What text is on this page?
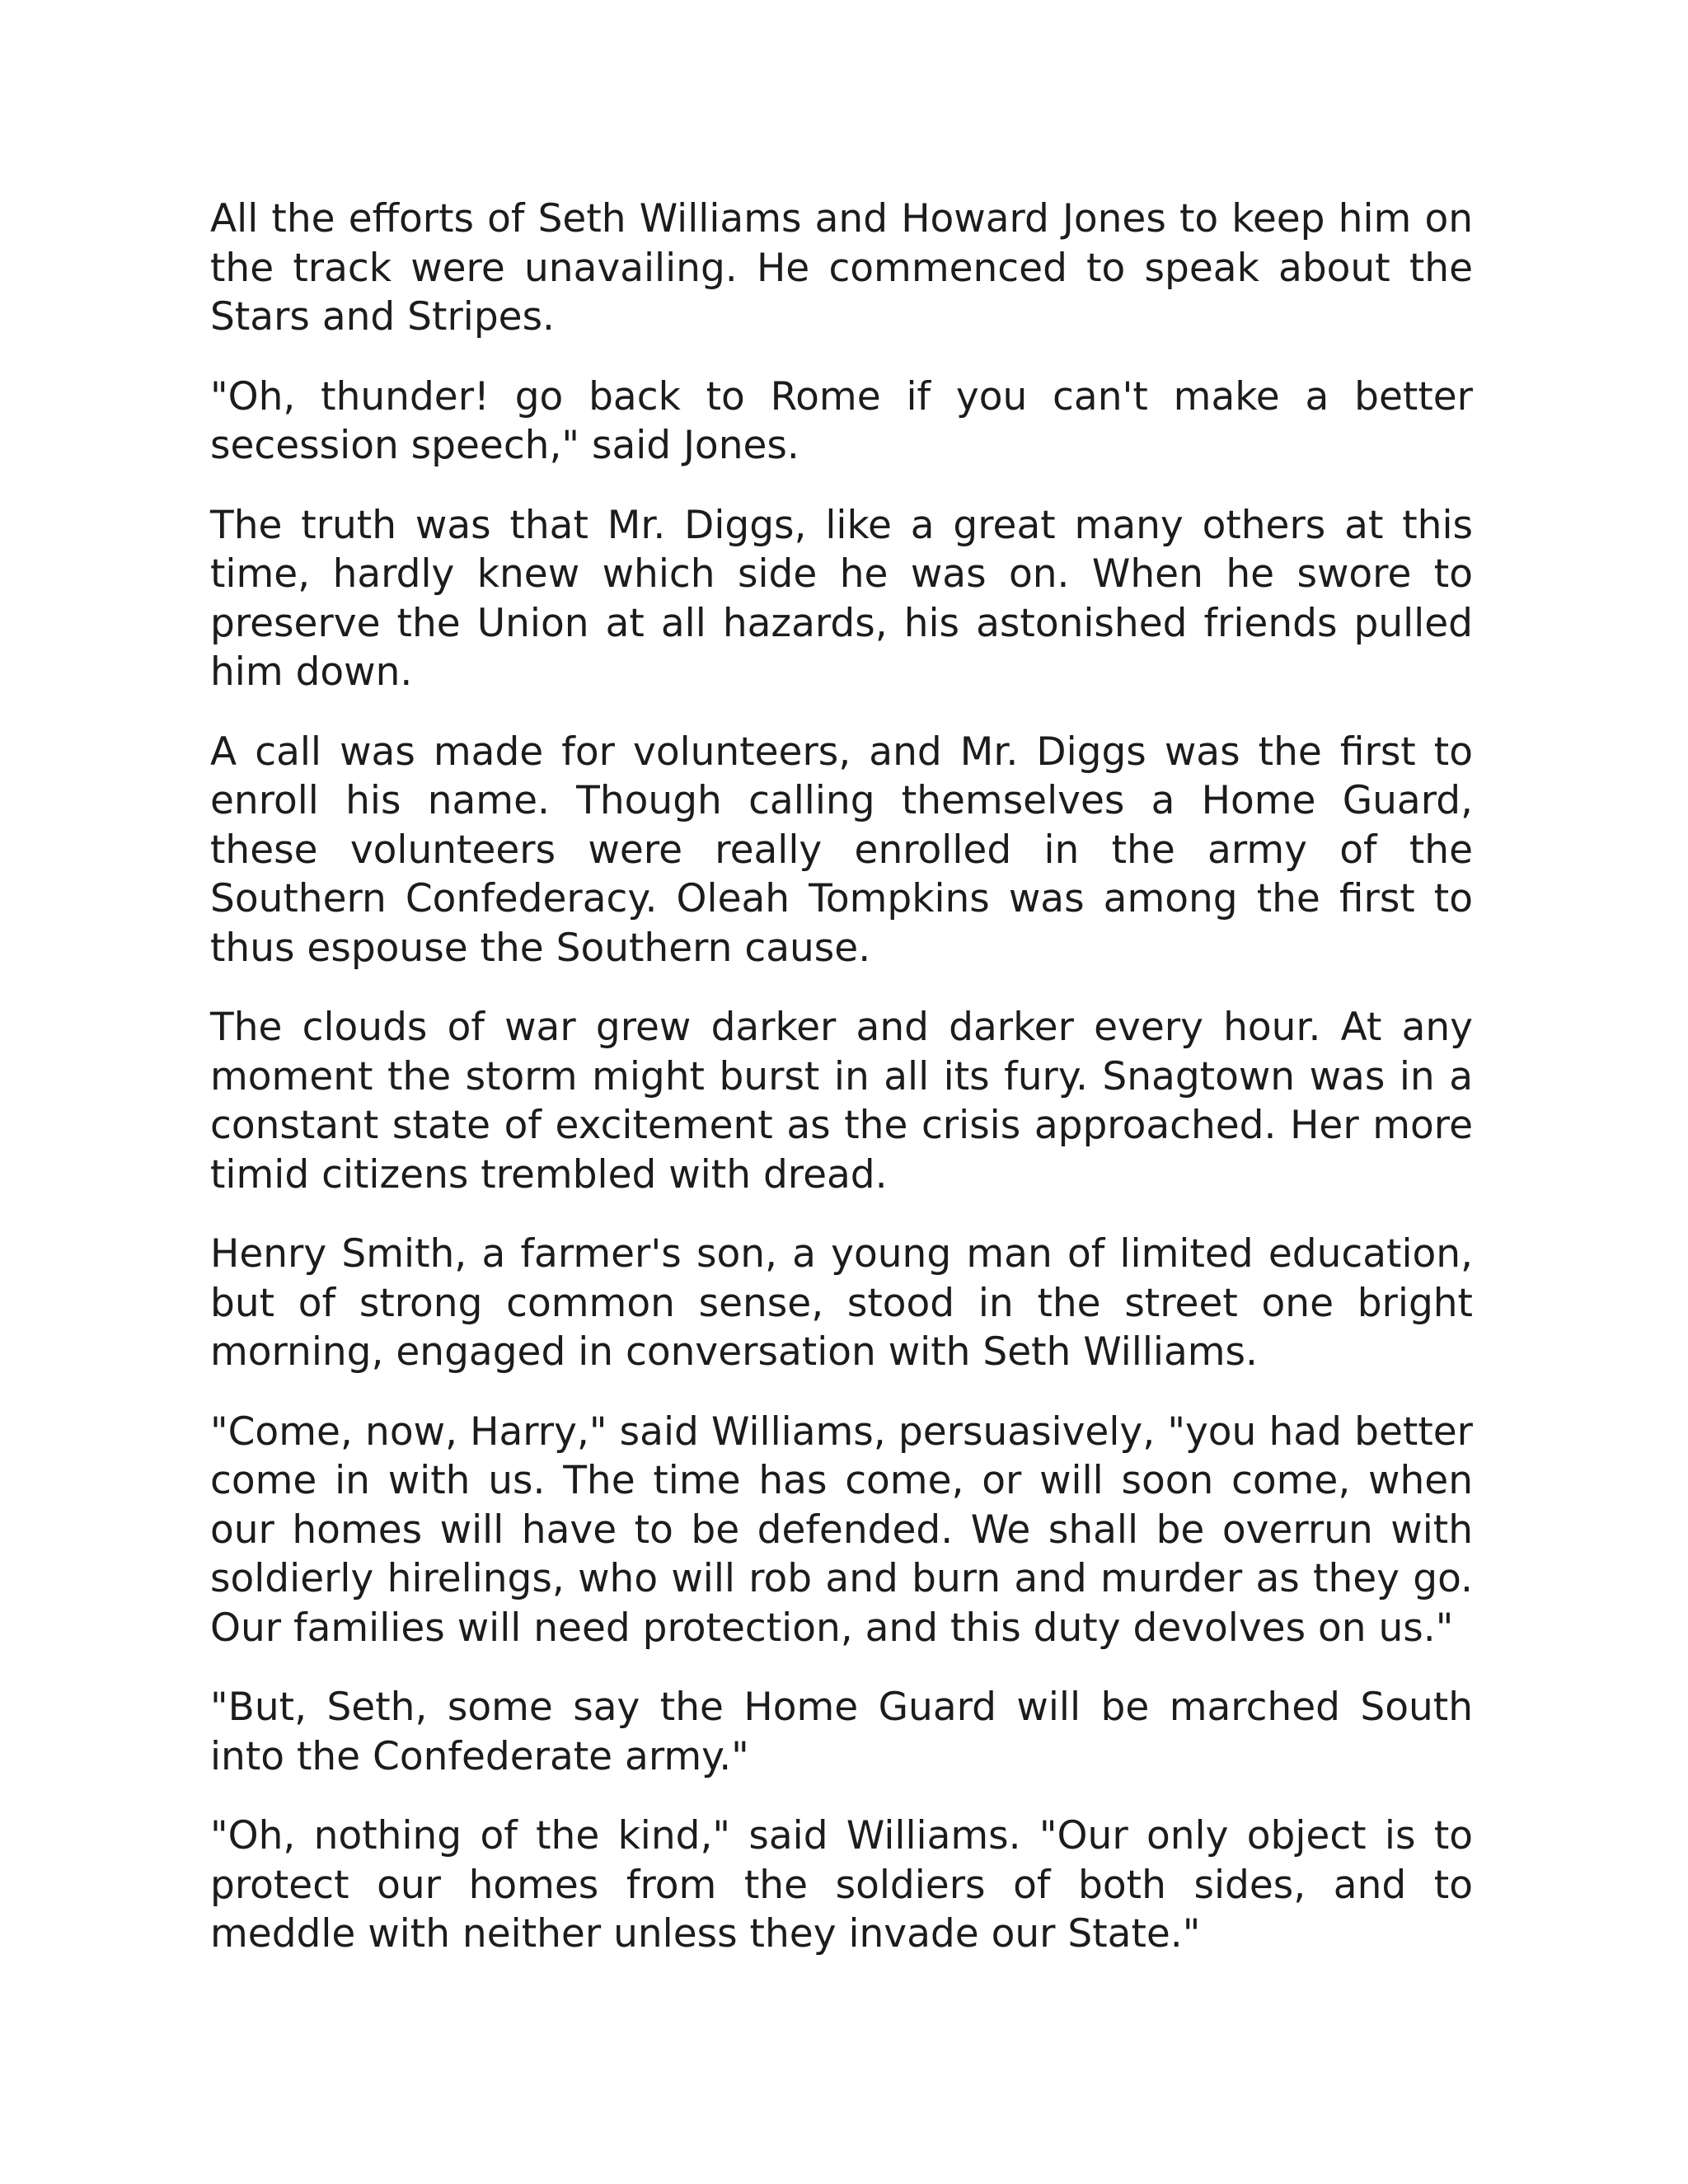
All the efforts of Seth Williams and Howard Jones to keep him on the track were unavailing. He commenced to speak about the Stars and Stripes.

"Oh, thunder! go back to Rome if you can't make a better secession speech," said Jones.

The truth was that Mr. Diggs, like a great many others at this time, hardly knew which side he was on. When he swore to preserve the Union at all hazards, his astonished friends pulled him down.

A call was made for volunteers, and Mr. Diggs was the first to enroll his name. Though calling themselves a Home Guard, these volunteers were really enrolled in the army of the Southern Confederacy. Oleah Tompkins was among the first to thus espouse the Southern cause.

The clouds of war grew darker and darker every hour. At any moment the storm might burst in all its fury. Snagtown was in a constant state of excitement as the crisis approached. Her more timid citizens trembled with dread.

Henry Smith, a farmer's son, a young man of limited education, but of strong common sense, stood in the street one bright morning, engaged in conversation with Seth Williams.

"Come, now, Harry," said Williams, persuasively, "you had better come in with us. The time has come, or will soon come, when our homes will have to be defended. We shall be overrun with soldierly hirelings, who will rob and burn and murder as they go. Our families will need protection, and this duty devolves on us."

"But, Seth, some say the Home Guard will be marched South into the Confederate army."

"Oh, nothing of the kind," said Williams. "Our only object is to protect our homes from the soldiers of both sides, and to meddle with neither unless they invade our State."
